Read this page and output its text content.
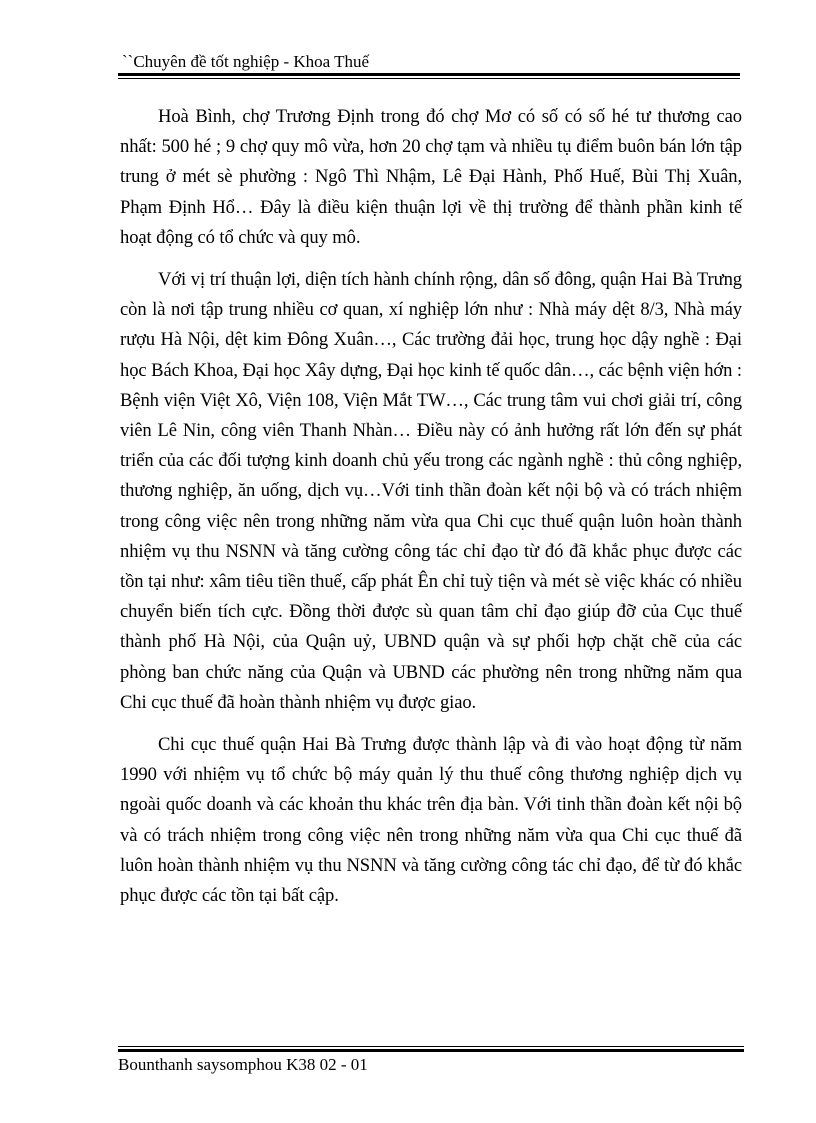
``Chuyên đề tốt nghiệp - Khoa Thuế

Hoà Bình, chợ Trương Định trong đó chợ Mơ có số có số hé tư thương cao nhất: 500 hé ; 9 chợ quy mô vừa, hơn 20 chợ tạm và nhiều tụ điểm buôn bán lớn tập trung ở mét sè phường : Ngô Thì Nhậm, Lê Đại Hành, Phố Huế, Bùi Thị Xuân, Phạm Định Hổ… Đây là điều kiện thuận lợi về thị trường để thành phần kinh tế hoạt động có tổ chức và quy mô.

Với vị trí thuận lợi, diện tích hành chính rộng, dân số đông, quận Hai Bà Trưng còn là nơi tập trung nhiều cơ quan, xí nghiệp lớn như : Nhà máy dệt 8/3, Nhà máy rượu Hà Nội, dệt kim Đông Xuân…, Các trường đải học, trung học dậy nghề : Đại học Bách Khoa, Đại học Xây dựng, Đại học kinh tế quốc dân…, các bệnh viện hớn : Bệnh viện Việt Xô, Viện 108, Viện Mắt TW…, Các trung tâm vui chơi giải trí, công viên Lê Nin, công viên Thanh Nhàn… Điều này có ảnh hưởng rất lớn đến sự phát triển của các đối tượng kinh doanh chủ yếu trong các ngành nghề : thủ công nghiệp, thương nghiệp, ăn uống, dịch vụ…Với tinh thần đoàn kết nội bộ và có trách nhiệm trong công việc nên trong những năm vừa qua Chi cục thuế quận luôn hoàn thành nhiệm vụ thu NSNN và tăng cường công tác chỉ đạo từ đó đã khắc phục được các tồn tại như: xâm tiêu tiền thuế, cấp phát Ên chỉ tuỳ tiện và mét sè việc khác có nhiều chuyển biến tích cực. Đồng thời được sù quan tâm chỉ đạo giúp đỡ của Cục thuế thành phố Hà Nội, của Quận uỷ, UBND quận và sự phối hợp chặt chẽ của các phòng ban chức năng của Quận và UBND các phường nên trong những năm qua Chi cục thuế đã hoàn thành nhiệm vụ được giao.

Chi cục thuế quận Hai Bà Trưng được thành lập và đi vào hoạt động từ năm 1990 với nhiệm vụ tổ chức bộ máy quản lý thu thuế công thương nghiệp dịch vụ ngoài quốc doanh và các khoản thu khác trên địa bàn. Với tinh thần đoàn kết nội bộ và có trách nhiệm trong công việc nên trong những năm vừa qua Chi cục thuế đã luôn hoàn thành nhiệm vụ thu NSNN và tăng cường công tác chỉ đạo, để từ đó khắc phục được các tồn tại bất cập.

Bounthanh saysomphou K38 02 - 01
